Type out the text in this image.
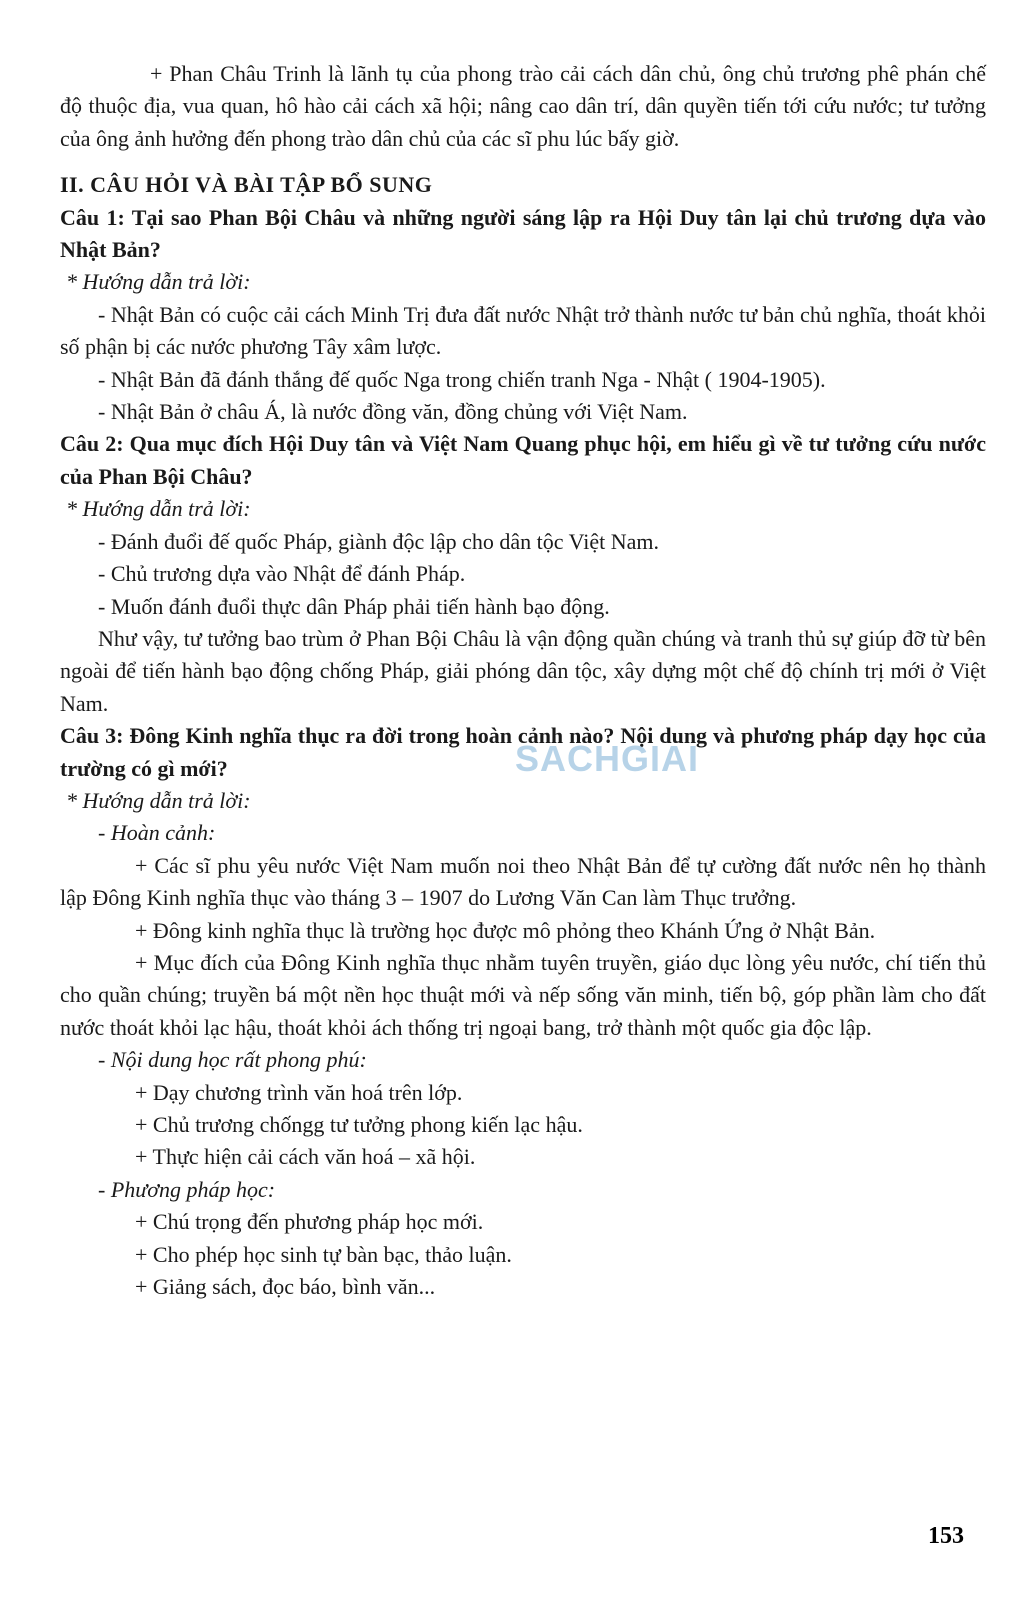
+ Phan Châu Trinh là lãnh tụ của phong trào cải cách dân chủ, ông chủ trương phê phán chế độ thuộc địa, vua quan, hô hào cải cách xã hội; nâng cao dân trí, dân quyền tiến tới cứu nước; tư tưởng của ông ảnh hưởng đến phong trào dân chủ của các sĩ phu lúc bấy giờ.

II. CÂU HỎI VÀ BÀI TẬP BỔ SUNG

Câu 1: Tại sao Phan Bội Châu và những người sáng lập ra Hội Duy tân lại chủ trương dựa vào Nhật Bản?

* Hướng dẫn trả lời:

- Nhật Bản có cuộc cải cách Minh Trị đưa đất nước Nhật trở thành nước tư bản chủ nghĩa, thoát khỏi số phận bị các nước phương Tây xâm lược.

- Nhật Bản đã đánh thắng đế quốc Nga trong chiến tranh Nga - Nhật ( 1904-1905).

- Nhật Bản ở châu Á, là nước đồng văn, đồng chủng với Việt Nam.

Câu 2: Qua mục đích Hội Duy tân và Việt Nam Quang phục hội, em hiểu gì về tư tưởng cứu nước của Phan Bội Châu?

* Hướng dẫn trả lời:

- Đánh đuổi đế quốc Pháp, giành độc lập cho dân tộc Việt Nam.

- Chủ trương dựa vào Nhật để đánh Pháp.

- Muốn đánh đuổi thực dân Pháp phải tiến hành bạo động.

Như vậy, tư tưởng bao trùm ở Phan Bội Châu là vận động quần chúng và tranh thủ sự giúp đỡ từ bên ngoài để tiến hành bạo động chống Pháp, giải phóng dân tộc, xây dựng một chế độ chính trị mới ở Việt Nam.

Câu 3: Đông Kinh nghĩa thục ra đời trong hoàn cảnh nào? Nội dung và phương pháp dạy học của trường có gì mới?

* Hướng dẫn trả lời:

- Hoàn cảnh:

+ Các sĩ phu yêu nước Việt Nam muốn noi theo Nhật Bản để tự cường đất nước nên họ thành lập Đông Kinh nghĩa thục vào tháng 3 – 1907 do Lương Văn Can làm Thục trưởng.

+ Đông kinh nghĩa thục là trường học được mô phỏng theo Khánh Ứng ở Nhật Bản.

+ Mục đích của Đông Kinh nghĩa thục nhằm tuyên truyền, giáo dục lòng yêu nước, chí tiến thủ cho quần chúng; truyền bá một nền học thuật mới và nếp sống văn minh, tiến bộ, góp phần làm cho đất nước thoát khỏi lạc hậu, thoát khỏi ách thống trị ngoại bang, trở thành một quốc gia độc lập.

- Nội dung học rất phong phú:

+ Dạy chương trình văn hoá trên lớp.

+ Chủ trương chốngg tư tưởng phong kiến lạc hậu.

+ Thực hiện cải cách văn hoá – xã hội.

- Phương pháp học:

+ Chú trọng đến phương pháp học mới.

+ Cho phép học sinh tự bàn bạc, thảo luận.

+ Giảng sách, đọc báo, bình văn...

SACHGIAI
153
